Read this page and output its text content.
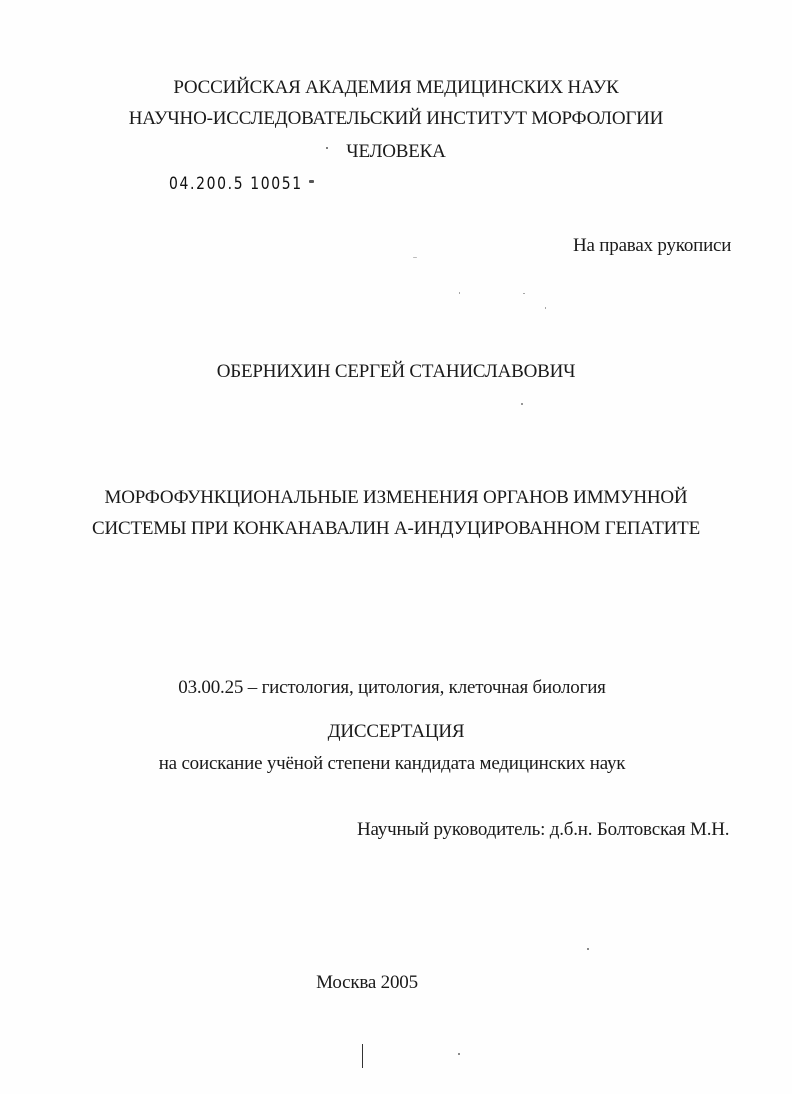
РОССИЙСКАЯ АКАДЕМИЯ МЕДИЦИНСКИХ НАУК
НАУЧНО-ИССЛЕДОВАТЕЛЬСКИЙ ИНСТИТУТ МОРФОЛОГИИ
ЧЕЛОВЕКА
04.200.5 10051
На правах рукописи
ОБЕРНИХИН СЕРГЕЙ СТАНИСЛАВОВИЧ
МОРФОФУНКЦИОНАЛЬНЫЕ ИЗМЕНЕНИЯ ОРГАНОВ ИММУННОЙ
СИСТЕМЫ ПРИ КОНКАНАВАЛИН А-ИНДУЦИРОВАННОМ ГЕПАТИТЕ
03.00.25 – гистология, цитология, клеточная биология
ДИССЕРТАЦИЯ
на соискание учёной степени кандидата медицинских наук
Научный руководитель: д.б.н. Болтовская М.Н.
Москва 2005
